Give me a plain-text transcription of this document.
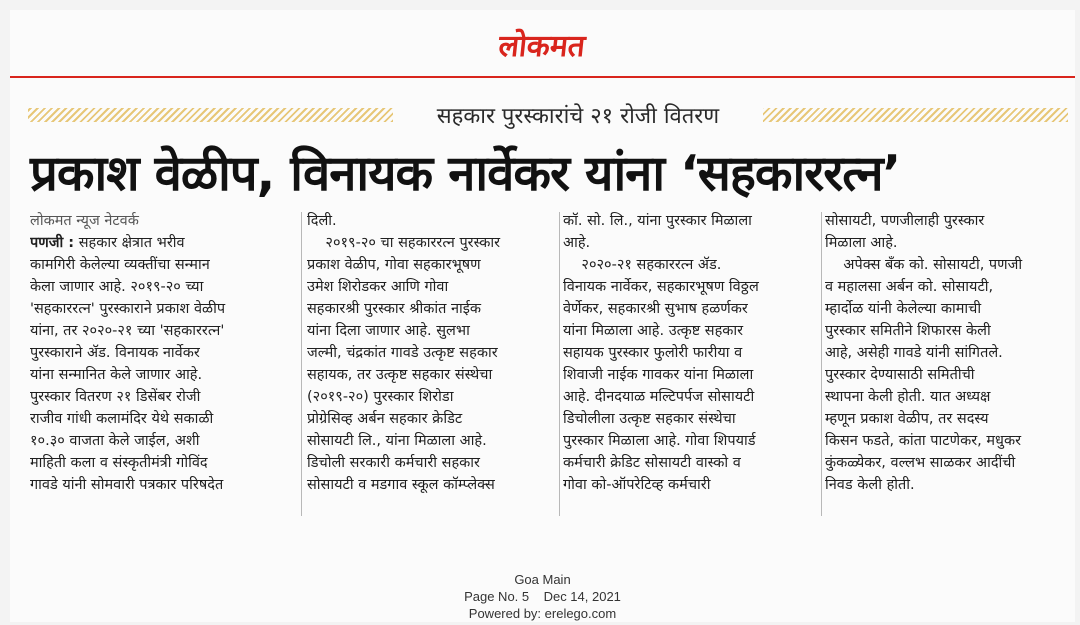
लोकमत
सहकार पुरस्कारांचे २१ रोजी वितरण
प्रकाश वेळीप, विनायक नार्वेकर यांना ‘सहकाररत्न’
लोकमत न्यूज नेटवर्क
पणजी : सहकार क्षेत्रात भरीव
कामगिरी केलेल्या व्यक्तींचा सन्मान
केला जाणार आहे. २०१९-२० च्या
'सहकाररत्न' पुरस्काराने प्रकाश वेळीप
यांना, तर २०२०-२१ च्या 'सहकाररत्न'
पुरस्काराने ॲड. विनायक नार्वेकर
यांना सन्मानित केले जाणार आहे.
पुरस्कार वितरण २१ डिसेंबर रोजी
राजीव गांधी कलामंदिर येथे सकाळी
१०.३० वाजता केले जाईल, अशी
माहिती कला व संस्कृतीमंत्री गोविंद
गावडे यांनी सोमवारी पत्रकार परिषदेत
दिली.
२०१९-२० चा सहकाररत्न पुरस्कार
प्रकाश वेळीप, गोवा सहकारभूषण
उमेश शिरोडकर आणि गोवा
सहकारश्री पुरस्कार श्रीकांत नाईक
यांना दिला जाणार आहे. सुलभा
जल्मी, चंद्रकांत गावडे उत्कृष्ट सहकार
सहायक, तर उत्कृष्ट सहकार संस्थेचा
(२०१९-२०) पुरस्कार शिरोडा
प्रोग्रेसिव्ह अर्बन सहकार क्रेडिट
सोसायटी लि., यांना मिळाला आहे.
डिचोली सरकारी कर्मचारी सहकार
सोसायटी व मडगाव स्कूल कॉम्प्लेक्स
कॉ. सो. लि., यांना पुरस्कार मिळाला
आहे.
२०२०-२१ सहकाररत्न ॲड.
विनायक नार्वेकर, सहकारभूषण विठ्ठल
वेर्णेकर, सहकारश्री सुभाष हळर्णकर
यांना मिळाला आहे. उत्कृष्ट सहकार
सहायक पुरस्कार फुलोरी फारीया व
शिवाजी नाईक गावकर यांना मिळाला
आहे. दीनदयाळ मल्टिपर्पज सोसायटी
डिचोलीला उत्कृष्ट सहकार संस्थेचा
पुरस्कार मिळाला आहे. गोवा शिपयार्ड
कर्मचारी क्रेडिट सोसायटी वास्को व
गोवा को-ऑपरेटिव्ह कर्मचारी
सोसायटी, पणजीलाही पुरस्कार
मिळाला आहे.
अपेक्स बँक को. सोसायटी, पणजी
व महालसा अर्बन को. सोसायटी,
म्हार्दोळ यांनी केलेल्या कामाची
पुरस्कार समितीने शिफारस केली
आहे, असेही गावडे यांनी सांगितले.
पुरस्कार देण्यासाठी समितीची
स्थापना केली होती. यात अध्यक्ष
म्हणून प्रकाश वेळीप, तर सदस्य
किसन फडते, कांता पाटणेकर, मधुकर
कुंकळ्येकर, वल्लभ साळकर आदींची
निवड केली होती.
Goa Main
Page No. 5    Dec 14, 2021
Powered by: erelego.com
